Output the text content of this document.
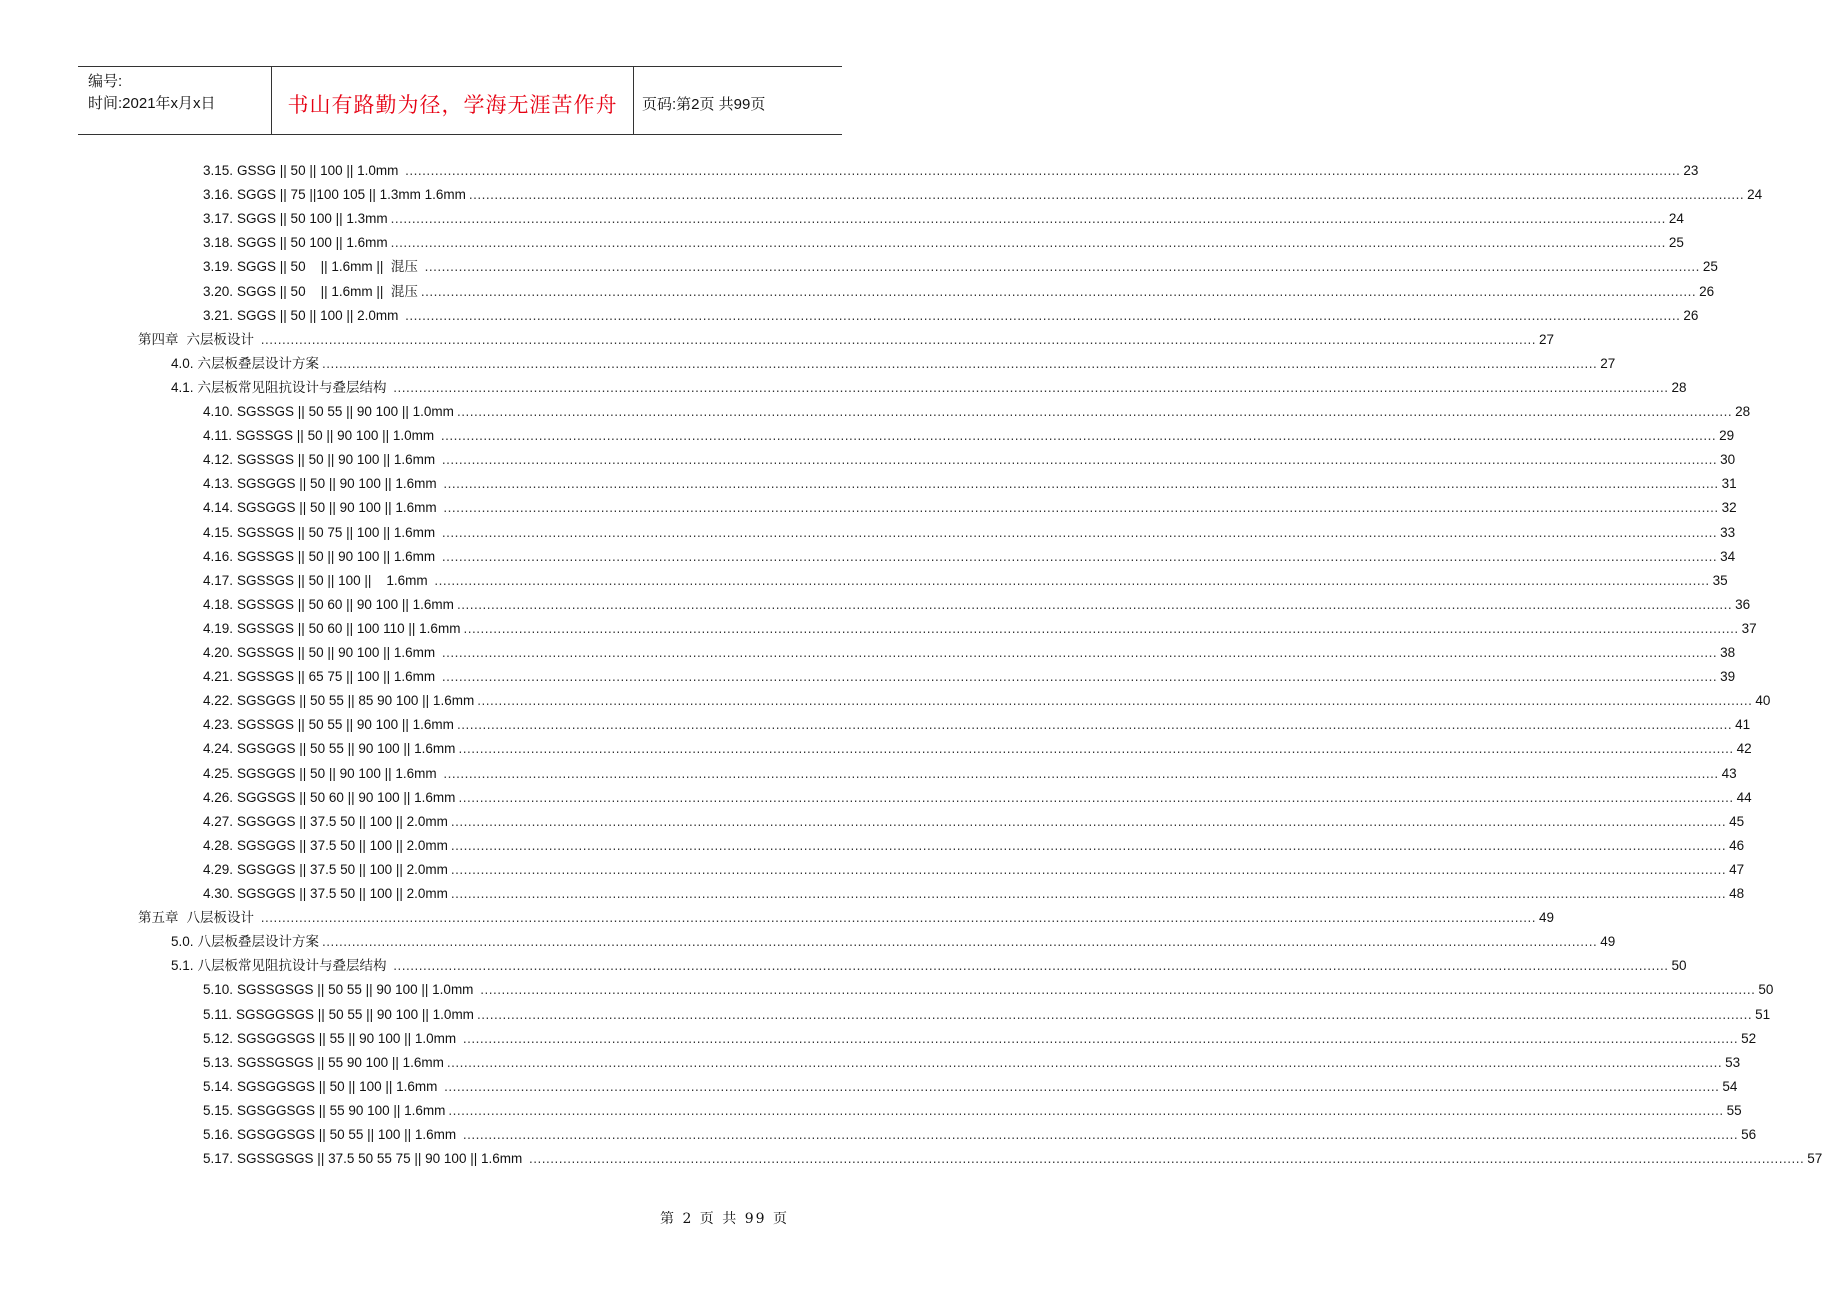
编号:
时间:2021年x月x日	书山有路勤为径，学海无涯苦作舟	页码:第2页 共99页
3.15. GSSG || 50 || 100 || 1.0mm ............................................................................................................................................................................................................................................................................................................ 23
3.16. SGGS || 75 ||100 105 || 1.3mm 1.6mm ............................................................................................................................................................................................................................................................................................................ 24
3.17. SGGS || 50 100 || 1.3mm ............................................................................................................................................................................................................................................................................................................ 24
3.18. SGGS || 50 100 || 1.6mm ............................................................................................................................................................................................................................................................................................................ 25
3.19. SGGS || 50    || 1.6mm ||  混压 ............................................................................................................................................................................................................................................................................................................ 25
3.20. SGGS || 50    || 1.6mm ||  混压 ............................................................................................................................................................................................................................................................................................................ 26
3.21. SGGS || 50 || 100 || 2.0mm ............................................................................................................................................................................................................................................................................................................ 26
第四章 六层板设计 ............................................................................................................................................................................................................................................................................................................ 27
4.0. 六层板叠层设计方案 ............................................................................................................................................................................................................................................................................................................ 27
4.1. 六层板常见阻抗设计与叠层结构 ............................................................................................................................................................................................................................................................................................................ 28
4.10. SGSSGS || 50 55 || 90 100 || 1.0mm ............................................................................................................................................................................................................................................................................................................ 28
4.11. SGSSGS || 50 || 90 100 || 1.0mm ............................................................................................................................................................................................................................................................................................................ 29
4.12. SGSSGS || 50 || 90 100 || 1.6mm ............................................................................................................................................................................................................................................................................................................ 30
4.13. SGSGGS || 50 || 90 100 || 1.6mm ............................................................................................................................................................................................................................................................................................................ 31
4.14. SGSGGS || 50 || 90 100 || 1.6mm ............................................................................................................................................................................................................................................................................................................ 32
4.15. SGSSGS || 50 75 || 100 || 1.6mm ............................................................................................................................................................................................................................................................................................................ 33
4.16. SGSSGS || 50 || 90 100 || 1.6mm ............................................................................................................................................................................................................................................................................................................ 34
4.17. SGSSGS || 50 || 100 ||    1.6mm ............................................................................................................................................................................................................................................................................................................ 35
4.18. SGSSGS || 50 60 || 90 100 || 1.6mm ............................................................................................................................................................................................................................................................................................................ 36
4.19. SGSSGS || 50 60 || 100 110 || 1.6mm ............................................................................................................................................................................................................................................................................................................ 37
4.20. SGSSGS || 50 || 90 100 || 1.6mm ............................................................................................................................................................................................................................................................................................................ 38
4.21. SGSSGS || 65 75 || 100 || 1.6mm ............................................................................................................................................................................................................................................................................................................ 39
4.22. SGSGGS || 50 55 || 85 90 100 || 1.6mm ............................................................................................................................................................................................................................................................................................................ 40
4.23. SGSSGS || 50 55 || 90 100 || 1.6mm ............................................................................................................................................................................................................................................................................................................ 41
4.24. SGSGGS || 50 55 || 90 100 || 1.6mm ............................................................................................................................................................................................................................................................................................................ 42
4.25. SGSGGS || 50 || 90 100 || 1.6mm ............................................................................................................................................................................................................................................................................................................ 43
4.26. SGGSGS || 50 60 || 90 100 || 1.6mm ............................................................................................................................................................................................................................................................................................................ 44
4.27. SGSGGS || 37.5 50 || 100 || 2.0mm ............................................................................................................................................................................................................................................................................................................ 45
4.28. SGSGGS || 37.5 50 || 100 || 2.0mm ............................................................................................................................................................................................................................................................................................................ 46
4.29. SGSGGS || 37.5 50 || 100 || 2.0mm ............................................................................................................................................................................................................................................................................................................ 47
4.30. SGSGGS || 37.5 50 || 100 || 2.0mm ............................................................................................................................................................................................................................................................................................................ 48
第五章 八层板设计 ............................................................................................................................................................................................................................................................................................................ 49
5.0. 八层板叠层设计方案 ............................................................................................................................................................................................................................................................................................................ 49
5.1. 八层板常见阻抗设计与叠层结构 ............................................................................................................................................................................................................................................................................................................ 50
5.10. SGSSGSGS || 50 55 || 90 100 || 1.0mm ............................................................................................................................................................................................................................................................................................................ 50
5.11. SGSGGSGS || 50 55 || 90 100 || 1.0mm ............................................................................................................................................................................................................................................................................................................ 51
5.12. SGSGGSGS || 55 || 90 100 || 1.0mm ............................................................................................................................................................................................................................................................................................................ 52
5.13. SGSSGSGS || 55 90 100 || 1.6mm ............................................................................................................................................................................................................................................................................................................ 53
5.14. SGSGGSGS || 50 || 100 || 1.6mm ............................................................................................................................................................................................................................................................................................................ 54
5.15. SGSGGSGS || 55 90 100 || 1.6mm ............................................................................................................................................................................................................................................................................................................ 55
5.16. SGSGGSGS || 50 55 || 100 || 1.6mm ............................................................................................................................................................................................................................................................................................................ 56
5.17. SGSSGSGS || 37.5 50 55 75 || 90 100 || 1.6mm ............................................................................................................................................................................................................................................................................................................ 57
第 2 页 共 99 页
